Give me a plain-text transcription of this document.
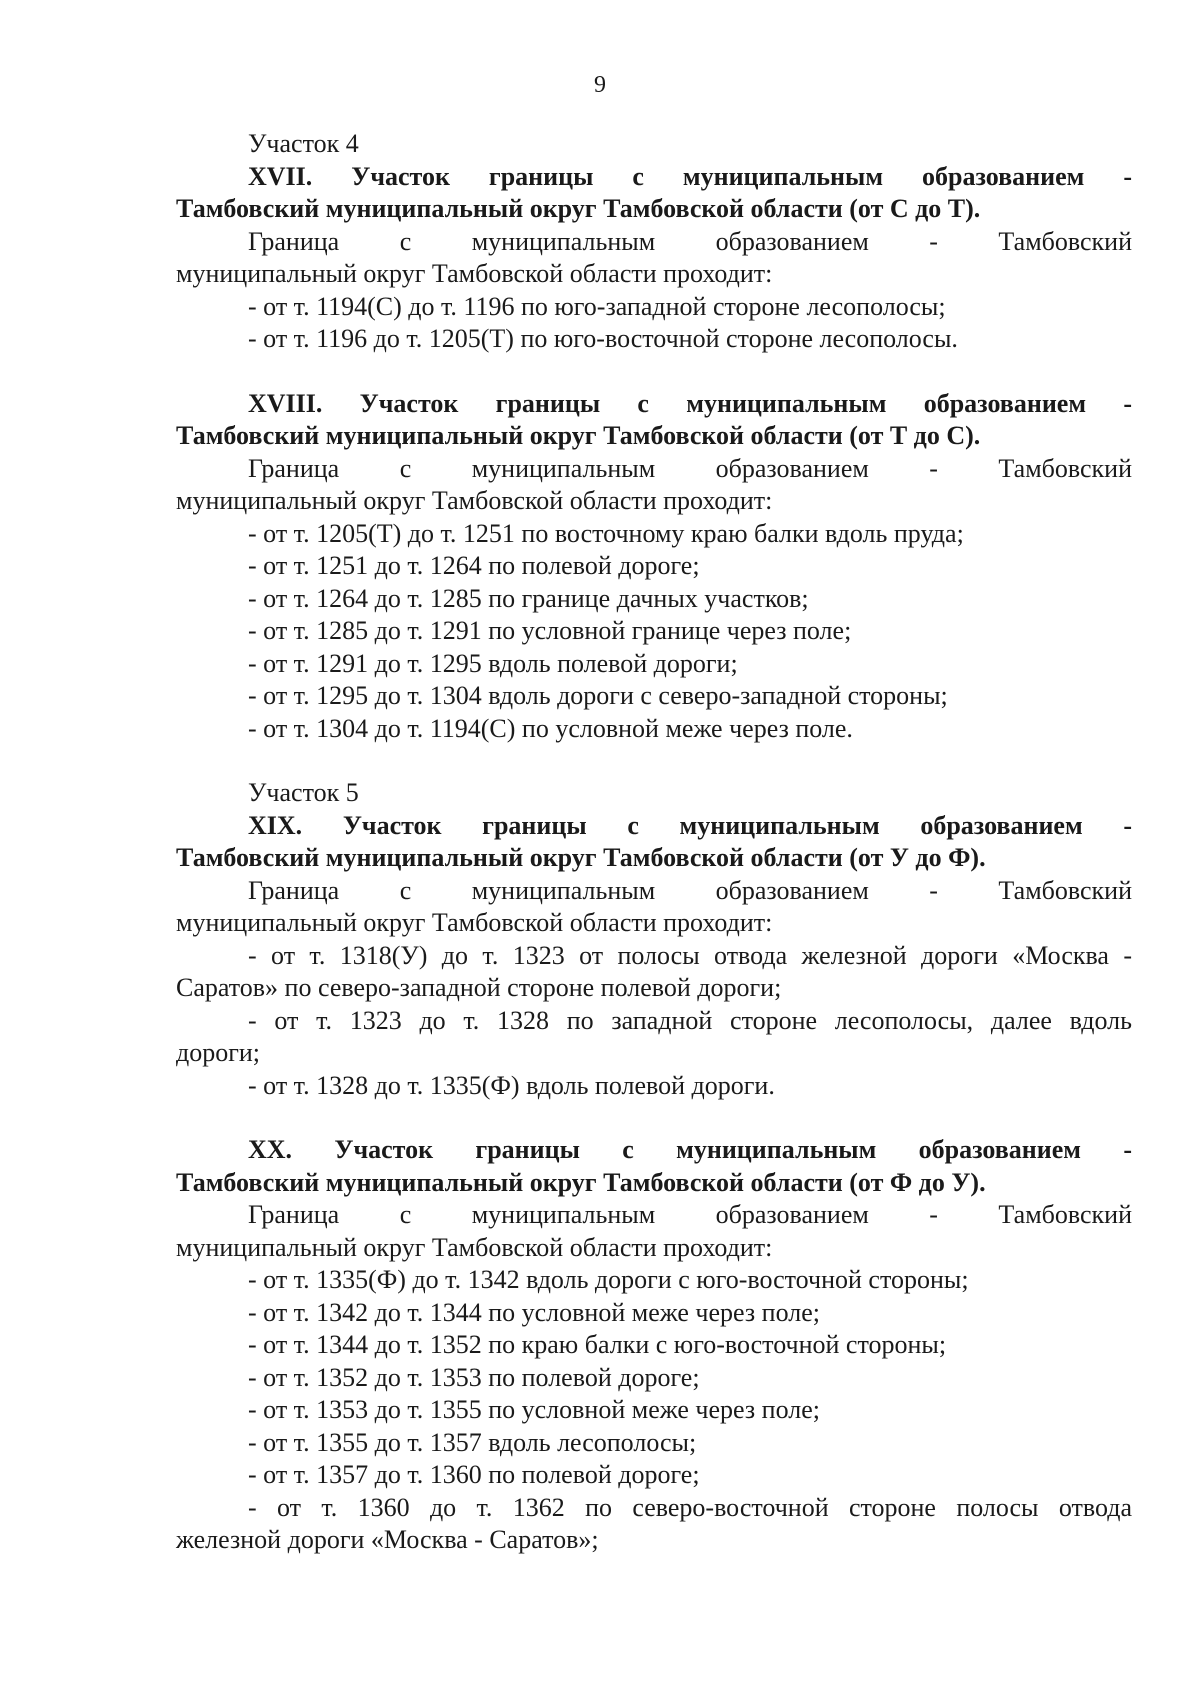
9
Участок 4
XVII. Участок границы с муниципальным образованием -
Тамбовский муниципальный округ Тамбовской области (от С до Т).
Граница с муниципальным образованием - Тамбовский
муниципальный округ Тамбовской области проходит:
- от т. 1194(С) до т. 1196 по юго-западной стороне лесополосы;
- от т. 1196 до т. 1205(Т) по юго-восточной стороне лесополосы.
XVIII. Участок границы с муниципальным образованием -
Тамбовский муниципальный округ Тамбовской области (от Т до С).
Граница с муниципальным образованием - Тамбовский
муниципальный округ Тамбовской области проходит:
- от т. 1205(Т) до т. 1251 по восточному краю балки вдоль пруда;
- от т. 1251 до т. 1264 по полевой дороге;
- от т. 1264 до т. 1285 по границе дачных участков;
- от т. 1285 до т. 1291 по условной границе через поле;
- от т. 1291 до т. 1295 вдоль полевой дороги;
- от т. 1295 до т. 1304 вдоль дороги с северо-западной стороны;
- от т. 1304 до т. 1194(С) по условной меже через поле.
Участок 5
XIX. Участок границы с муниципальным образованием -
Тамбовский муниципальный округ Тамбовской области (от У до Ф).
Граница с муниципальным образованием - Тамбовский
муниципальный округ Тамбовской области проходит:
- от т. 1318(У) до т. 1323 от полосы отвода железной дороги «Москва -
Саратов» по северо-западной стороне полевой дороги;
- от т. 1323 до т. 1328 по западной стороне лесополосы, далее вдоль
дороги;
- от т. 1328 до т. 1335(Ф) вдоль полевой дороги.
XX. Участок границы с муниципальным образованием -
Тамбовский муниципальный округ Тамбовской области (от Ф до У).
Граница с муниципальным образованием - Тамбовский
муниципальный округ Тамбовской области проходит:
- от т. 1335(Ф) до т. 1342 вдоль дороги с юго-восточной стороны;
- от т. 1342 до т. 1344 по условной меже через поле;
- от т. 1344 до т. 1352 по краю балки с юго-восточной стороны;
- от т. 1352 до т. 1353 по полевой дороге;
- от т. 1353 до т. 1355 по условной меже через поле;
- от т. 1355 до т. 1357 вдоль лесополосы;
- от т. 1357 до т. 1360 по полевой дороге;
- от т. 1360 до т. 1362 по северо-восточной стороне полосы отвода
железной дороги «Москва - Саратов»;
